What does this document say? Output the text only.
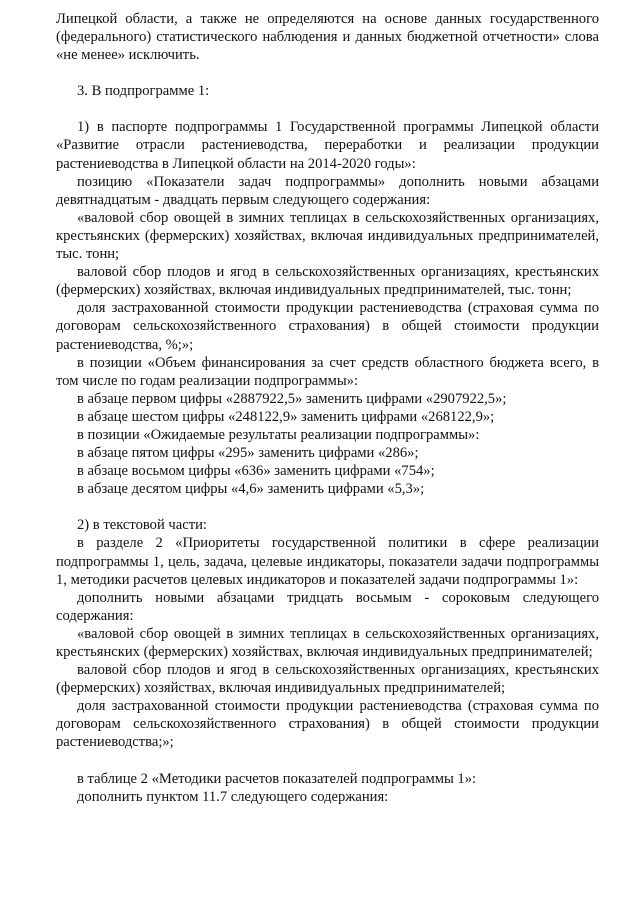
Липецкой области, а также не определяются на основе данных государственного (федерального) статистического наблюдения и данных бюджетной отчетности» слова «не менее» исключить.

3. В подпрограмме 1:

1) в паспорте подпрограммы 1 Государственной программы Липецкой области «Развитие отрасли растениеводства, переработки и реализации продукции растениеводства в Липецкой области на 2014-2020 годы»:

позицию «Показатели задач подпрограммы» дополнить новыми абзацами девятнадцатым - двадцать первым следующего содержания:

«валовой сбор овощей в зимних теплицах в сельскохозяйственных организациях, крестьянских (фермерских) хозяйствах, включая индивидуальных предпринимателей, тыс. тонн;

валовой сбор плодов и ягод в сельскохозяйственных организациях, крестьянских (фермерских) хозяйствах, включая индивидуальных предпринимателей, тыс. тонн;

доля застрахованной стоимости продукции растениеводства (страховая сумма по договорам сельскохозяйственного страхования) в общей стоимости продукции растениеводства, %;»;

в позиции «Объем финансирования за счет средств областного бюджета всего, в том числе по годам реализации подпрограммы»:

в абзаце первом цифры «2887922,5» заменить цифрами «2907922,5»;

в абзаце шестом цифры «248122,9» заменить цифрами «268122,9»;

в позиции «Ожидаемые результаты реализации подпрограммы»:

в абзаце пятом цифры «295» заменить цифрами «286»;

в абзаце восьмом цифры «636» заменить цифрами «754»;

в абзаце десятом цифры «4,6» заменить цифрами «5,3»;

2) в текстовой части:

в разделе 2 «Приоритеты государственной политики в сфере реализации подпрограммы 1, цель, задача, целевые индикаторы, показатели задачи подпрограммы 1, методики расчетов целевых индикаторов и показателей задачи подпрограммы 1»:

дополнить новыми абзацами тридцать восьмым - сороковым следующего содержания:

«валовой сбор овощей в зимних теплицах в сельскохозяйственных организациях, крестьянских (фермерских) хозяйствах, включая индивидуальных предпринимателей;

валовой сбор плодов и ягод в сельскохозяйственных организациях, крестьянских (фермерских) хозяйствах, включая индивидуальных предпринимателей;

доля застрахованной стоимости продукции растениеводства (страховая сумма по договорам сельскохозяйственного страхования) в общей стоимости продукции растениеводства;»;

в таблице 2 «Методики расчетов показателей подпрограммы 1»:

дополнить пунктом 11.7 следующего содержания:
